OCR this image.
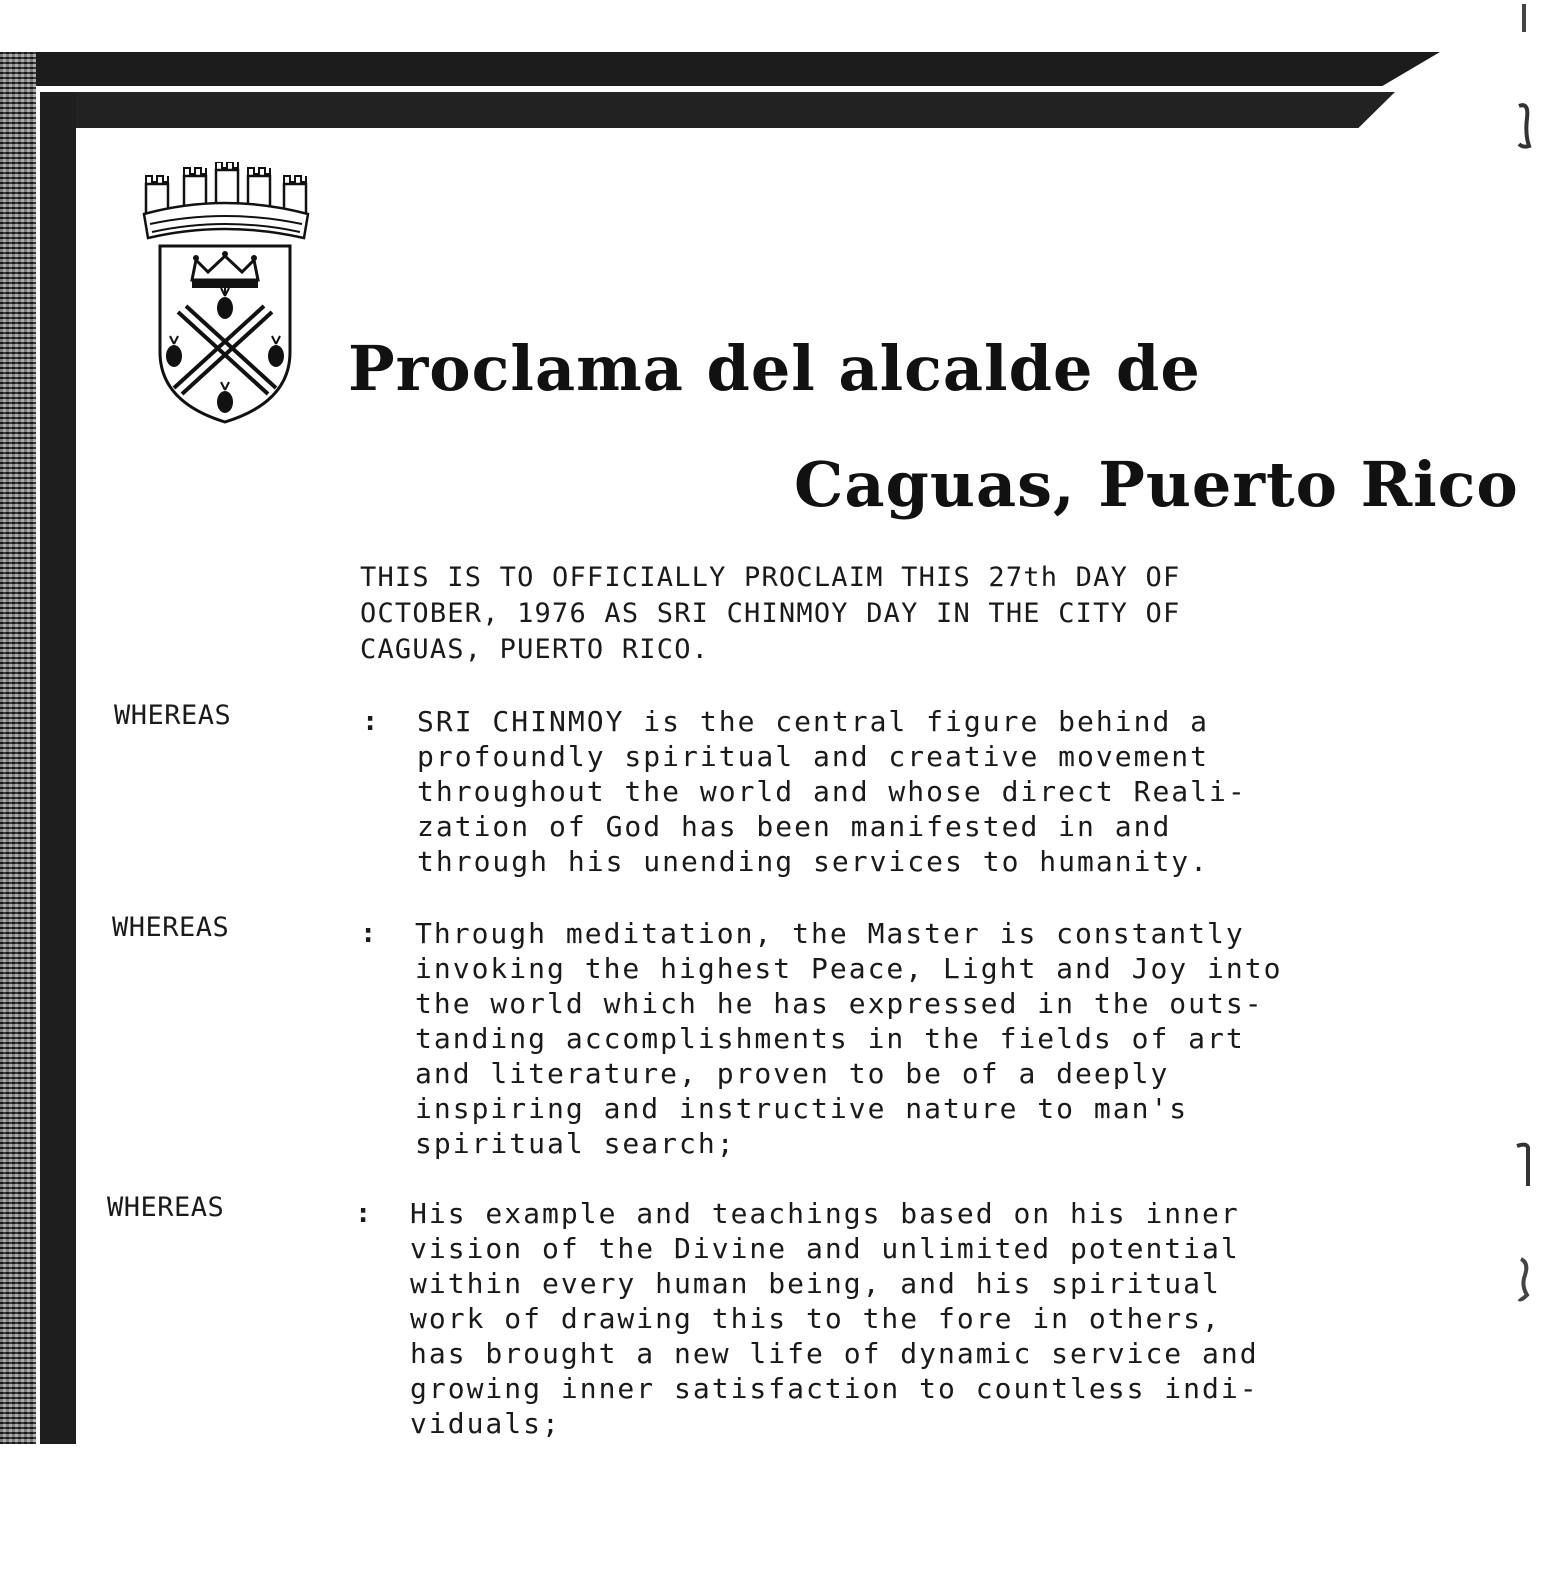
Proclama del alcalde de
Caguas, Puerto Rico
THIS IS TO OFFICIALLY PROCLAIM THIS 27th DAY OF
OCTOBER, 1976 AS SRI CHINMOY DAY IN THE CITY OF
CAGUAS, PUERTO RICO.
WHEREAS	: SRI CHINMOY is the central figure behind a
profoundly spiritual and creative movement
throughout the world and whose direct Reali-
zation of God has been manifested in and
through his unending services to humanity.
WHEREAS	: Through meditation, the Master is constantly
invoking the highest Peace, Light and Joy into
the world which he has expressed in the outs-
tanding accomplishments in the fields of art
and literature, proven to be of a deeply
inspiring and instructive nature to man's
spiritual search;
WHEREAS	: His example and teachings based on his inner
vision of the Divine and unlimited potential
within every human being, and his spiritual
work of drawing this to the fore in others,
has brought a new life of dynamic service and
growing inner satisfaction to countless indi-
viduals;
